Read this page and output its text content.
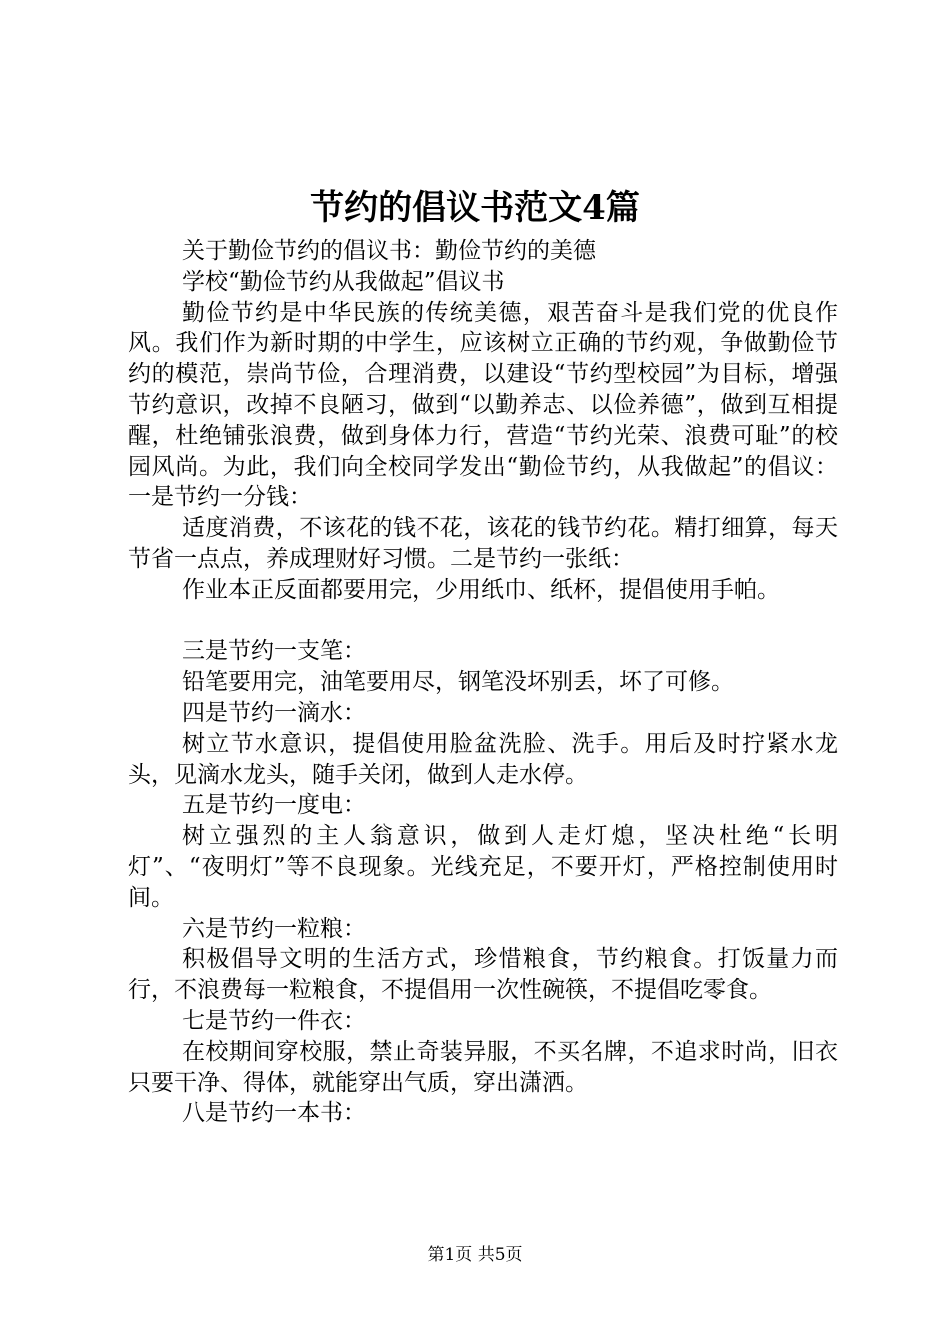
节约的倡议书范文4篇

关于勤俭节约的倡议书：勤俭节约的美德

学校“勤俭节约从我做起”倡议书

勤俭节约是中华民族的传统美德，艰苦奋斗是我们党的优良作风。我们作为新时期的中学生，应该树立正确的节约观，争做勤俭节约的模范，崇尚节俭，合理消费，以建设“节约型校园”为目标，增强节约意识，改掉不良陋习，做到“以勤养志、以俭养德”，做到互相提醒，杜绝铺张浪费，做到身体力行，营造“节约光荣、浪费可耻”的校园风尚。为此，我们向全校同学发出“勤俭节约，从我做起”的倡议：一是节约一分钱：

适度消费，不该花的钱不花，该花的钱节约花。精打细算，每天节省一点点，养成理财好习惯。二是节约一张纸：

作业本正反面都要用完，少用纸巾、纸杯，提倡使用手帕。

三是节约一支笔：

铅笔要用完，油笔要用尽，钢笔没坏别丢，坏了可修。

四是节约一滴水：

树立节水意识，提倡使用脸盆洗脸、洗手。用后及时拧紧水龙头，见滴水龙头，随手关闭，做到人走水停。

五是节约一度电：

树立强烈的主人翁意识，做到人走灯熄，坚决杜绝“长明灯”、“夜明灯”等不良现象。光线充足，不要开灯，严格控制使用时间。

六是节约一粒粮：

积极倡导文明的生活方式，珍惜粮食，节约粮食。打饭量力而行，不浪费每一粒粮食，不提倡用一次性碗筷，不提倡吃零食。

七是节约一件衣：

在校期间穿校服，禁止奇装异服，不买名牌，不追求时尚，旧衣只要干净、得体，就能穿出气质，穿出潇洒。

八是节约一本书：

第1页 共5页
